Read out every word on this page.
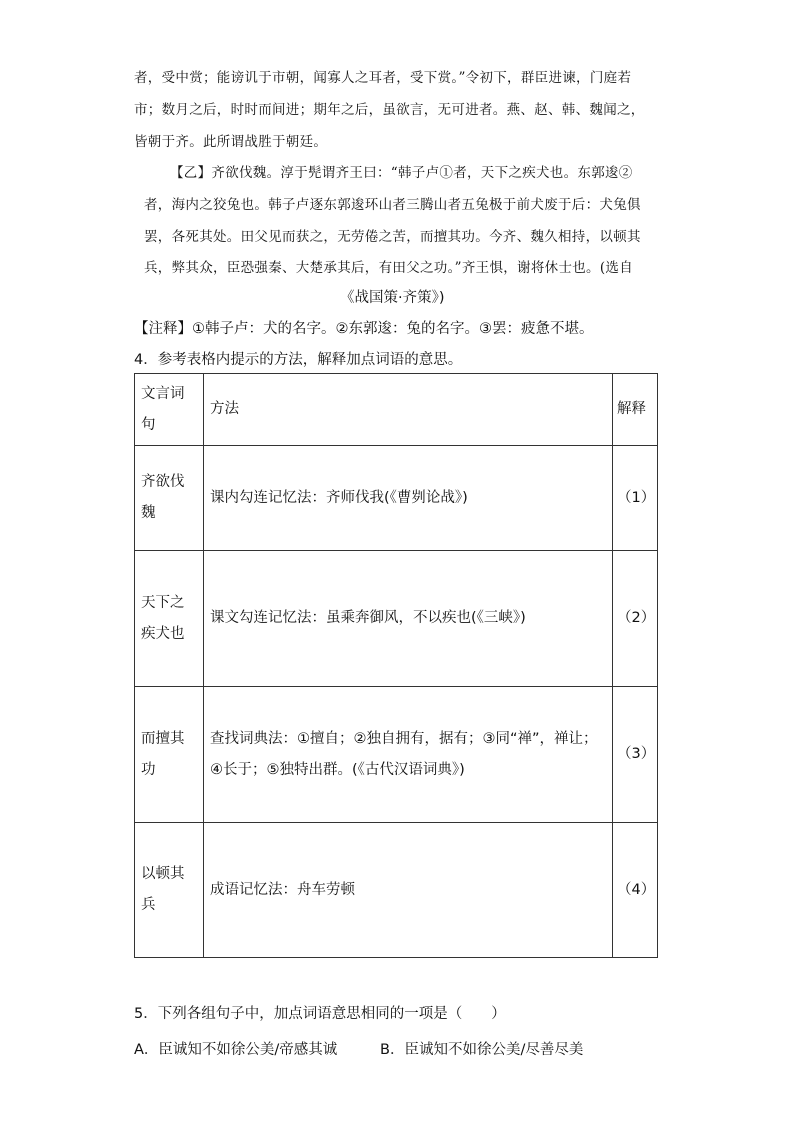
者，受中赏；能谤讥于市朝，闻寡人之耳者，受下赏。”令初下，群臣进谏，门庭若
市；数月之后，时时而间进；期年之后，虽欲言，无可进者。燕、赵、韩、魏闻之，
皆朝于齐。此所谓战胜于朝廷。
【乙】齐欲伐魏。淳于髡谓齐王曰：“韩子卢①者，天下之疾犬也。东郭逡②
者，海内之狡兔也。韩子卢逐东郭逡环山者三腾山者五兔极于前犬废于后：犬兔俱
罢，各死其处。田父见而获之，无劳倦之苦，而擅其功。今齐、魏久相持，以顿其
兵，弊其众，臣恐强秦、大楚承其后，有田父之功。”齐王惧，谢将休士也。(选自
《战国策·齐策》)
【注释】①韩子卢：犬的名字。②东郭逡：兔的名字。③罢：疲惫不堪。
4．参考表格内提示的方法，解释加点词语的意思。
文言词句	方法	解释

齐欲伐魏	课内勾连记忆法：齐师伐我(《曹刿论战》)	（1）

天下之疾犬也	课文勾连记忆法：虽乘奔御风，不以疾也(《三峡》)	（2）

而擅其功	查找词典法：①擅自；②独自拥有，据有；③同“禅”，禅让；④长于；⑤独特出群。(《古代汉语词典》)	（3）

以顿其兵	成语记忆法：舟车劳顿	（4）
5．下列各组句子中，加点词语意思相同的一项是（　　）
A．臣诚知不如徐公美/帝感其诚	B．臣诚知不如徐公美/尽善尽美
